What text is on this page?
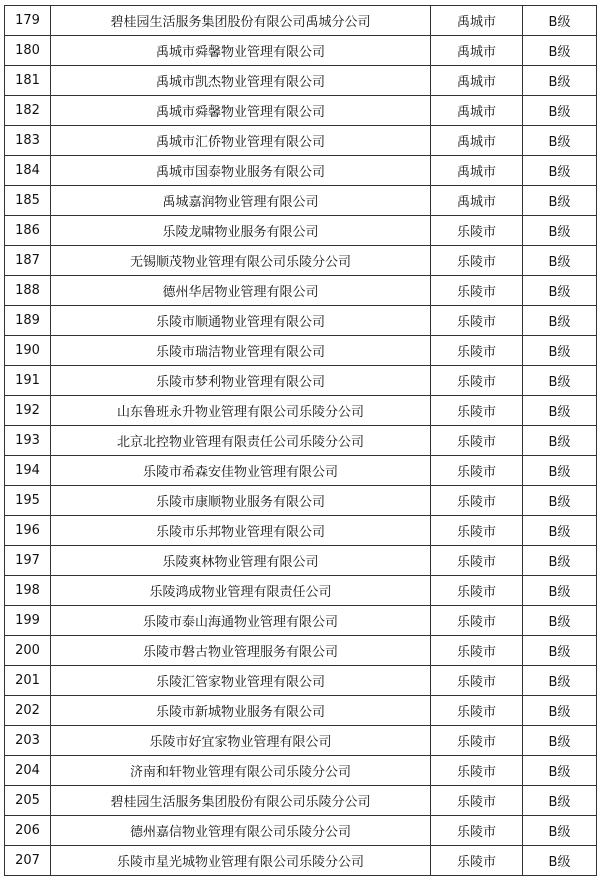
179	碧桂园生活服务集团股份有限公司禹城分公司	禹城市	B级
180	禹城市舜馨物业管理有限公司	禹城市	B级
181	禹城市凯杰物业管理有限公司	禹城市	B级
182	禹城市舜馨物业管理有限公司	禹城市	B级
183	禹城市汇侨物业管理有限公司	禹城市	B级
184	禹城市国泰物业服务有限公司	禹城市	B级
185	禹城嘉润物业管理有限公司	禹城市	B级
186	乐陵龙啸物业服务有限公司	乐陵市	B级
187	无锡顺茂物业管理有限公司乐陵分公司	乐陵市	B级
188	德州华居物业管理有限公司	乐陵市	B级
189	乐陵市顺通物业管理有限公司	乐陵市	B级
190	乐陵市瑞洁物业管理有限公司	乐陵市	B级
191	乐陵市梦利物业管理有限公司	乐陵市	B级
192	山东鲁班永升物业管理有限公司乐陵分公司	乐陵市	B级
193	北京北控物业管理有限责任公司乐陵分公司	乐陵市	B级
194	乐陵市希森安佳物业管理有限公司	乐陵市	B级
195	乐陵市康顺物业服务有限公司	乐陵市	B级
196	乐陵市乐邦物业管理有限公司	乐陵市	B级
197	乐陵爽林物业管理有限公司	乐陵市	B级
198	乐陵鸿成物业管理有限责任公司	乐陵市	B级
199	乐陵市泰山海通物业管理有限公司	乐陵市	B级
200	乐陵市磐古物业管理服务有限公司	乐陵市	B级
201	乐陵汇管家物业管理有限公司	乐陵市	B级
202	乐陵市新城物业服务有限公司	乐陵市	B级
203	乐陵市好宜家物业管理有限公司	乐陵市	B级
204	济南和轩物业管理有限公司乐陵分公司	乐陵市	B级
205	碧桂园生活服务集团股份有限公司乐陵分公司	乐陵市	B级
206	德州嘉信物业管理有限公司乐陵分公司	乐陵市	B级
207	乐陵市星光城物业管理有限公司乐陵分公司	乐陵市	B级
